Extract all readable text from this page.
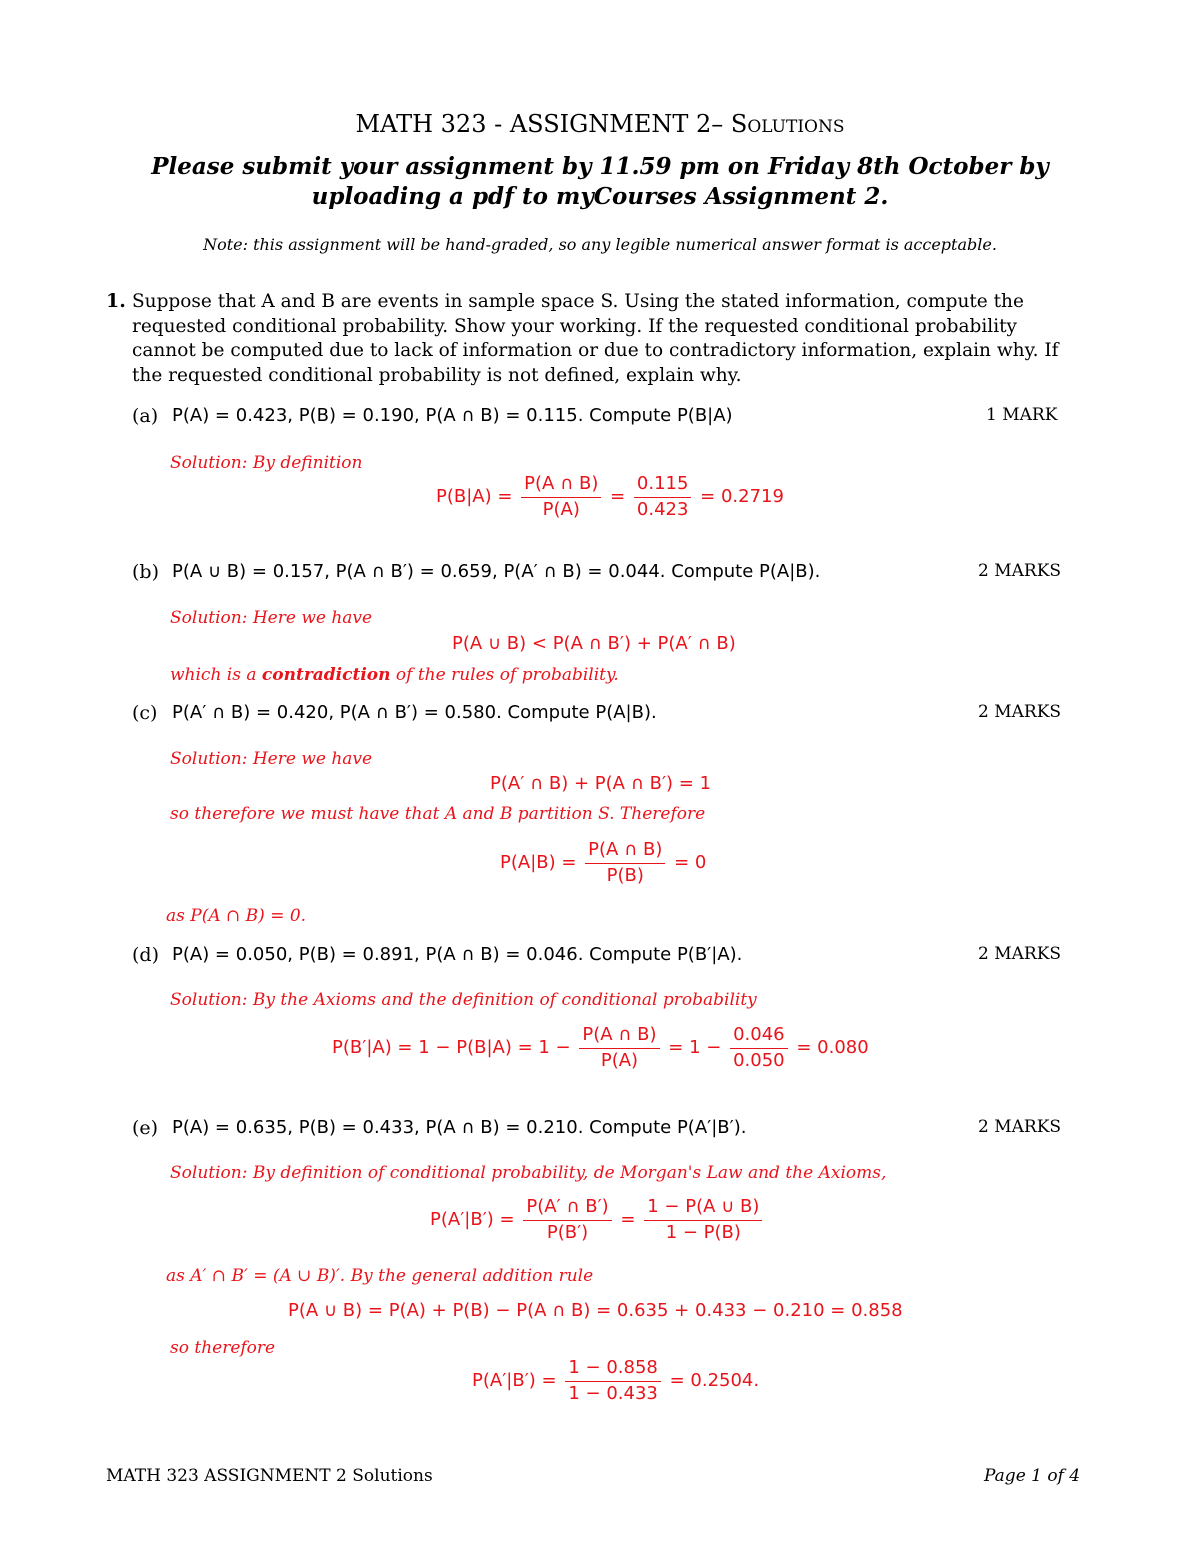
MATH 323 - ASSIGNMENT 2– Solutions
Please submit your assignment by 11.59 pm on Friday 8th October by
uploading a pdf to myCourses Assignment 2.
Note: this assignment will be hand-graded, so any legible numerical answer format is acceptable.
1. Suppose that A and B are events in sample space S. Using the stated information, compute the
requested conditional probability. Show your working. If the requested conditional probability
cannot be computed due to lack of information or due to contradictory information, explain why. If
the requested conditional probability is not defined, explain why.
(a) P(A) = 0.423, P(B) = 0.190, P(A ∩ B) = 0.115. Compute P(B|A)	1 MARK
Solution: By definition
$P(B|A) = \frac{P(A \cap B)}{P(A)} = \frac{0.115}{0.423} = 0.2719$
(b) P(A ∪ B) = 0.157, P(A ∩ B′) = 0.659, P(A′ ∩ B) = 0.044. Compute P(A|B).	2 MARKS
Solution: Here we have
P(A ∪ B) < P(A ∩ B′) + P(A′ ∩ B)
which is a contradiction of the rules of probability.
(c) P(A′ ∩ B) = 0.420, P(A ∩ B′) = 0.580. Compute P(A|B).	2 MARKS
Solution: Here we have
P(A′ ∩ B) + P(A ∩ B′) = 1
so therefore we must have that A and B partition S. Therefore
$P(A|B) = \frac{P(A \cap B)}{P(B)} = 0$
as P(A ∩ B) = 0.
(d) P(A) = 0.050, P(B) = 0.891, P(A ∩ B) = 0.046. Compute P(B′|A).	2 MARKS
Solution: By the Axioms and the definition of conditional probability
$P(B'|A) = 1 - P(B|A) = 1 - \frac{P(A \cap B)}{P(A)} = 1 - \frac{0.046}{0.050} = 0.080$
(e) P(A) = 0.635, P(B) = 0.433, P(A ∩ B) = 0.210. Compute P(A′|B′).	2 MARKS
Solution: By definition of conditional probability, de Morgan's Law and the Axioms,
$P(A'|B') = \frac{P(A' \cap B')}{P(B')} = \frac{1 - P(A \cup B)}{1 - P(B)}$
as A′ ∩ B′ = (A ∪ B)′. By the general addition rule
P(A ∪ B) = P(A) + P(B) − P(A ∩ B) = 0.635 + 0.433 − 0.210 = 0.858
so therefore
$P(A'|B') = \frac{1 - 0.858}{1 - 0.433} = 0.2504$.
MATH 323 ASSIGNMENT 2 Solutions	Page 1 of 4
